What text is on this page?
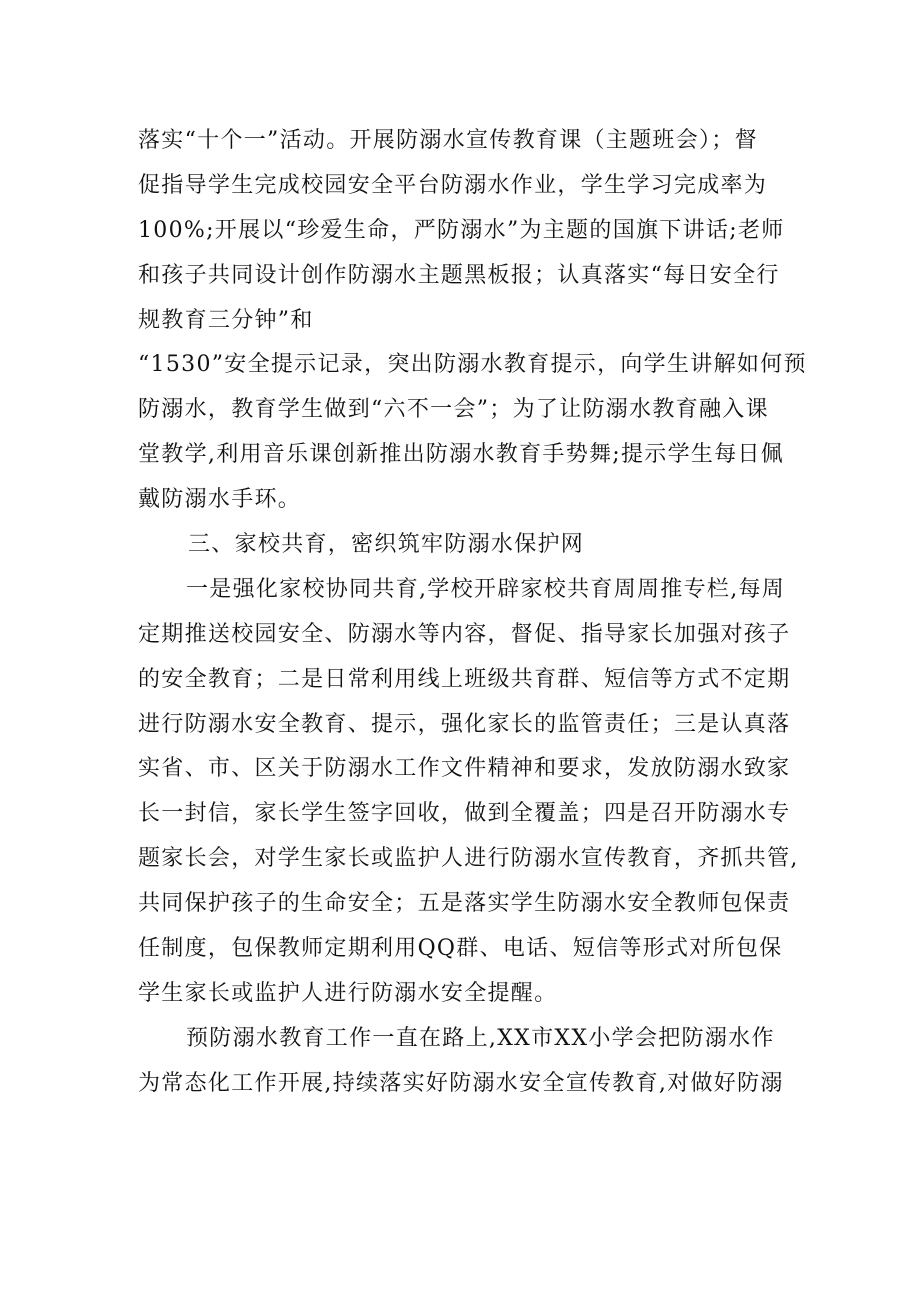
落实“十个一”活动。开展防溺水宣传教育课（主题班会）；督
促指导学生完成校园安全平台防溺水作业，学生学习完成率为
100%;开展以“珍爱生命，严防溺水”为主题的国旗下讲话;老师
和孩子共同设计创作防溺水主题黑板报；认真落实“每日安全行
规教育三分钟”和
“1530”安全提示记录，突出防溺水教育提示，向学生讲解如何预
防溺水，教育学生做到“六不一会”；为了让防溺水教育融入课
堂教学,利用音乐课创新推出防溺水教育手势舞;提示学生每日佩
戴防溺水手环。
三、家校共育，密织筑牢防溺水保护网
一是强化家校协同共育,学校开辟家校共育周周推专栏,每周
定期推送校园安全、防溺水等内容，督促、指导家长加强对孩子
的安全教育；二是日常利用线上班级共育群、短信等方式不定期
进行防溺水安全教育、提示，强化家长的监管责任；三是认真落
实省、市、区关于防溺水工作文件精神和要求，发放防溺水致家
长一封信，家长学生签字回收，做到全覆盖；四是召开防溺水专
题家长会，对学生家长或监护人进行防溺水宣传教育，齐抓共管,
共同保护孩子的生命安全；五是落实学生防溺水安全教师包保责
任制度，包保教师定期利用QQ群、电话、短信等形式对所包保
学生家长或监护人进行防溺水安全提醒。
预防溺水教育工作一直在路上,XX市XX小学会把防溺水作
为常态化工作开展,持续落实好防溺水安全宣传教育,对做好防溺
